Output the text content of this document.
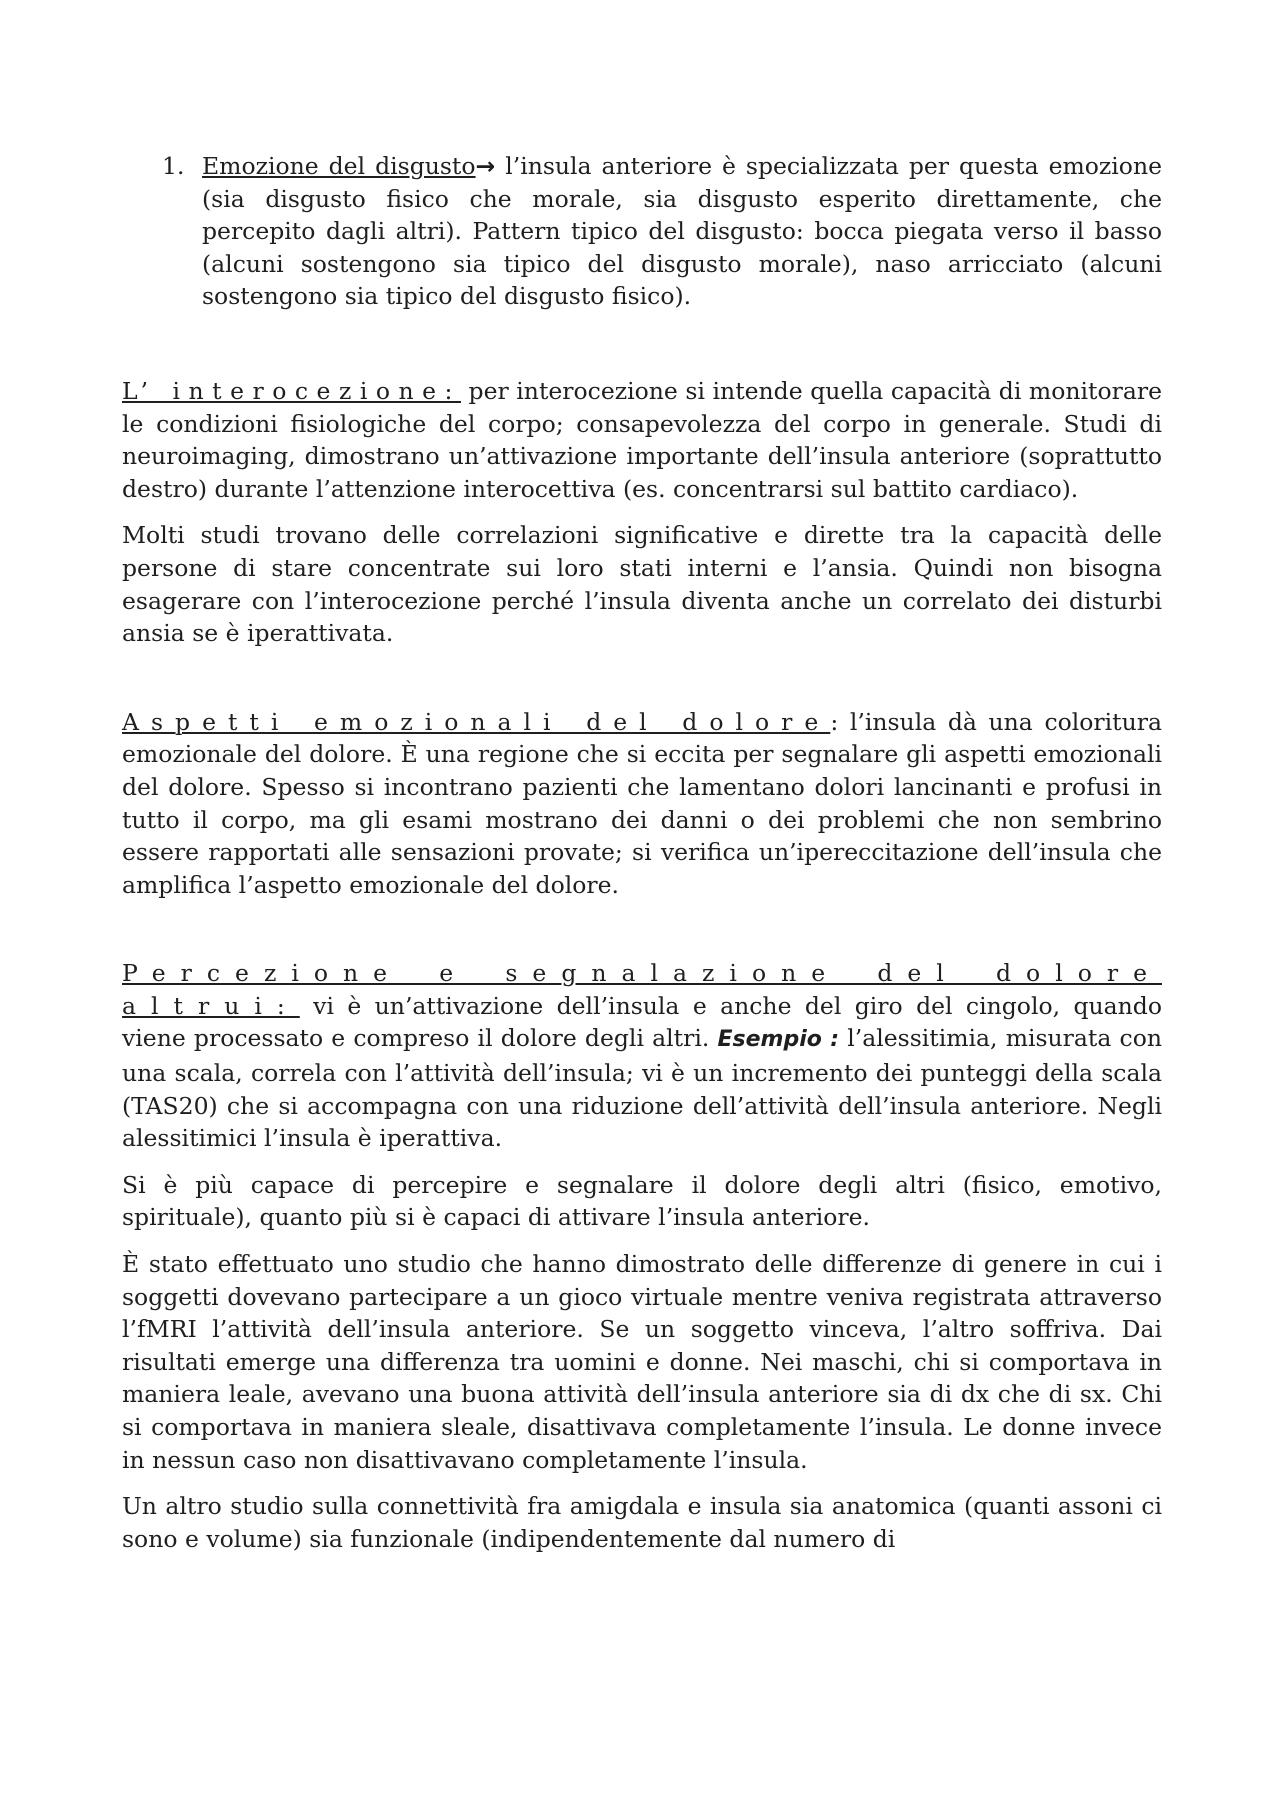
1. Emozione del disgusto→ l’insula anteriore è specializzata per questa emozione (sia disgusto fisico che morale, sia disgusto esperito direttamente, che percepito dagli altri). Pattern tipico del disgusto: bocca piegata verso il basso (alcuni sostengono sia tipico del disgusto morale), naso arricciato (alcuni sostengono sia tipico del disgusto fisico).

L’ interocezione: per interocezione si intende quella capacità di monitorare le condizioni fisiologiche del corpo; consapevolezza del corpo in generale. Studi di neuroimaging, dimostrano un’attivazione importante dell’insula anteriore (soprattutto destro) durante l’attenzione interocettiva (es. concentrarsi sul battito cardiaco).

Molti studi trovano delle correlazioni significative e dirette tra la capacità delle persone di stare concentrate sui loro stati interni e l’ansia. Quindi non bisogna esagerare con l’interocezione perché l’insula diventa anche un correlato dei disturbi ansia se è iperattivata.

Aspetti emozionali del dolore: l’insula dà una coloritura emozionale del dolore. È una regione che si eccita per segnalare gli aspetti emozionali del dolore. Spesso si incontrano pazienti che lamentano dolori lancinanti e profusi in tutto il corpo, ma gli esami mostrano dei danni o dei problemi che non sembrino essere rapportati alle sensazioni provate; si verifica un’ipereccitazione dell’insula che amplifica l’aspetto emozionale del dolore.

Percezione e segnalazione del dolore altrui: vi è un’attivazione dell’insula e anche del giro del cingolo, quando viene processato e compreso il dolore degli altri. Esempio : l’alessitimia, misurata con una scala, correla con l’attività dell’insula; vi è un incremento dei punteggi della scala (TAS20) che si accompagna con una riduzione dell’attività dell’insula anteriore. Negli alessitimici l’insula è iperattiva.

Si è più capace di percepire e segnalare il dolore degli altri (fisico, emotivo, spirituale), quanto più si è capaci di attivare l’insula anteriore.

È stato effettuato uno studio che hanno dimostrato delle differenze di genere in cui i soggetti dovevano partecipare a un gioco virtuale mentre veniva registrata attraverso l’fMRI l’attività dell’insula anteriore. Se un soggetto vinceva, l’altro soffriva. Dai risultati emerge una differenza tra uomini e donne. Nei maschi, chi si comportava in maniera leale, avevano una buona attività dell’insula anteriore sia di dx che di sx. Chi si comportava in maniera sleale, disattivava completamente l’insula. Le donne invece in nessun caso non disattivavano completamente l’insula.

Un altro studio sulla connettività fra amigdala e insula sia anatomica (quanti assoni ci sono e volume) sia funzionale (indipendentemente dal numero di
